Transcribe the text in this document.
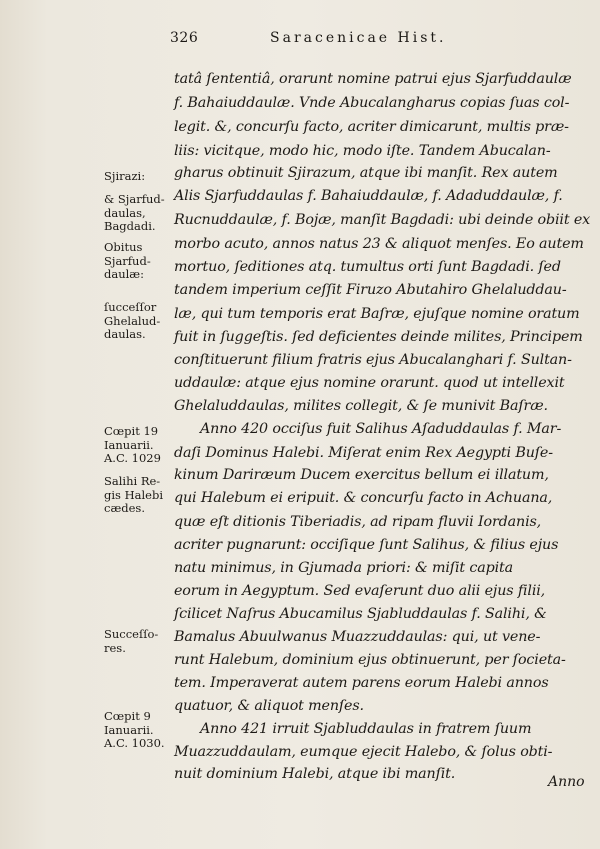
326	Saracenicae Hist.
tatâ ſententiâ, orarunt nomine patrui ejus Sjarfuddaulæ
f. Bahaiuddaulæ. Vnde Abucalangharus copias ſuas col-
legit. &, concurſu facto, acriter dimicarunt, multis præ-
liis: vicitque, modo hic, modo iſte. Tandem Abucalan-
gharus obtinuit Sjirazum, atque ibi manſit. Rex autem
Alis Sjarfuddaulas f. Bahaiuddaulæ, f. Adaduddaulæ, f.
Rucnuddaulæ, f. Bojæ, manſit Bagdadi: ubi deinde obiit ex
morbo acuto, annos natus 23 & aliquot menſes. Eo autem
mortuo, ſeditiones atq. tumultus orti ſunt Bagdadi. ſed
tandem imperium ceſſit Firuzo Abutahiro Ghelaluddau-
læ, qui tum temporis erat Baſræ, ejuſque nomine oratum
fuit in ſuggeſtis. ſed deficientes deinde milites, Principem
conſtituerunt filium fratris ejus Abucalanghari f. Sultan-
uddaulæ: atque ejus nomine orarunt. quod ut intellexit
Ghelaluddaulas, milites collegit, & ſe munivit Baſræ.
Anno 420 occiſus fuit Salihus Aſaduddaulas f. Mar-
daſi Dominus Halebi. Miſerat enim Rex Aegypti Buſe-
kinum Dariræum Ducem exercitus bellum ei illatum,
qui Halebum ei eripuit. & concurſu facto in Achuana,
quæ eſt ditionis Tiberiadis, ad ripam fluvii Iordanis,
acriter pugnarunt: occiſique ſunt Salihus, & filius ejus
natu minimus, in Gjumada priori: & miſit capita
eorum in Aegyptum. Sed evaſerunt duo alii ejus filii,
ſcilicet Naſrus Abucamilus Sjabluddaulas f. Salihi, &
Bamalus Abuulwanus Muazzuddaulas: qui, ut vene-
runt Halebum, dominium ejus obtinuerunt, per ſocieta-
tem. Imperaverat autem parens eorum Halebi annos
quatuor, & aliquot menſes.
Anno 421 irruit Sjabluddaulas in fratrem ſuum
Muazzuddaulam, eumque ejecit Halebo, & ſolus obti-
nuit dominium Halebi, atque ibi manſit.
Sjirazi:
& Sjarfud-
daulas,
Bagdadi.
Obitus
Sjarfud-
daulæ:
ſucceſſor
Ghelalud-
daulas.
Cœpit 19
Ianuarii.
A.C. 1029
Salihi Re-
gis Halebi
cædes.
Succeſſo-
res.
Cœpit 9
Ianuarii.
A.C. 1030.
Anno
